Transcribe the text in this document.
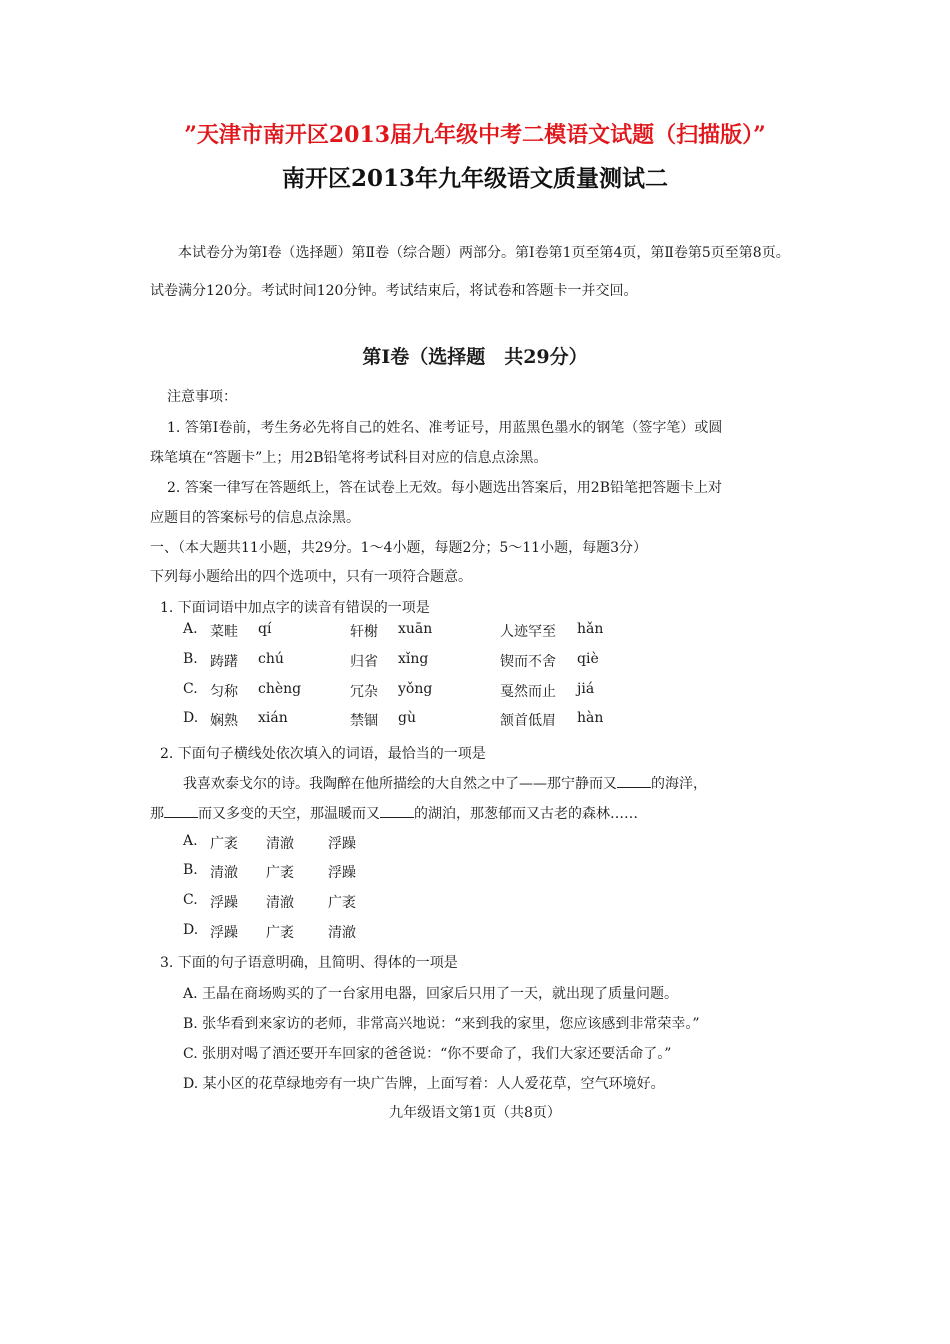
”天津市南开区2013届九年级中考二模语文试题（扫描版）”
南开区2013年九年级语文质量测试二
本试卷分为第Ⅰ卷（选择题）第Ⅱ卷（综合题）两部分。第Ⅰ卷第1页至第4页，第Ⅱ卷第5页至第8页。试卷满分120分。考试时间120分钟。考试结束后，将试卷和答题卡一并交回。
第Ⅰ卷（选择题　共29分）
注意事项：
1. 答第Ⅰ卷前，考生务必先将自己的姓名、准考证号，用蓝黑色墨水的钢笔（签字笔）或圆
珠笔填在“答题卡”上；用2B铅笔将考试科目对应的信息点涂黑。
2. 答案一律写在答题纸上，答在试卷上无效。每小题选出答案后，用2B铅笔把答题卡上对
应题目的答案标号的信息点涂黑。
一、（本大题共11小题，共29分。1～4小题，每题2分；5～11小题，每题3分）
下列每小题给出的四个选项中，只有一项符合题意。
1. 下面词语中加点字的读音有错误的一项是
A. 菜畦 qí	轩榭 xuān	人迹罕至 hǎn
B. 踌躇 chú	归省 xǐng	锲而不舍 qiè
C. 匀称 chèng	冗杂 yǒng	戛然而止 jiá
D. 娴熟 xián	禁锢 gù	颔首低眉 hàn
2. 下面句子横线处依次填入的词语，最恰当的一项是
我喜欢泰戈尔的诗。我陶醉在他所描绘的大自然之中了——那宁静而又 的海洋，
那 而又多变的天空，那温暖而又 的湖泊，那葱郁而又古老的森林……
A. 广袤 清澈 浮躁
B. 清澈 广袤 浮躁
C. 浮躁 清澈 广袤
D. 浮躁 广袤 清澈
3. 下面的句子语意明确，且简明、得体的一项是
A. 王晶在商场购买的了一台家用电器，回家后只用了一天，就出现了质量问题。
B. 张华看到来家访的老师，非常高兴地说：“来到我的家里，您应该感到非常荣幸。”
C. 张朋对喝了酒还要开车回家的爸爸说：“你不要命了，我们大家还要活命了。”
D. 某小区的花草绿地旁有一块广告牌，上面写着：人人爱花草，空气环境好。
九年级语文第1页（共8页）
